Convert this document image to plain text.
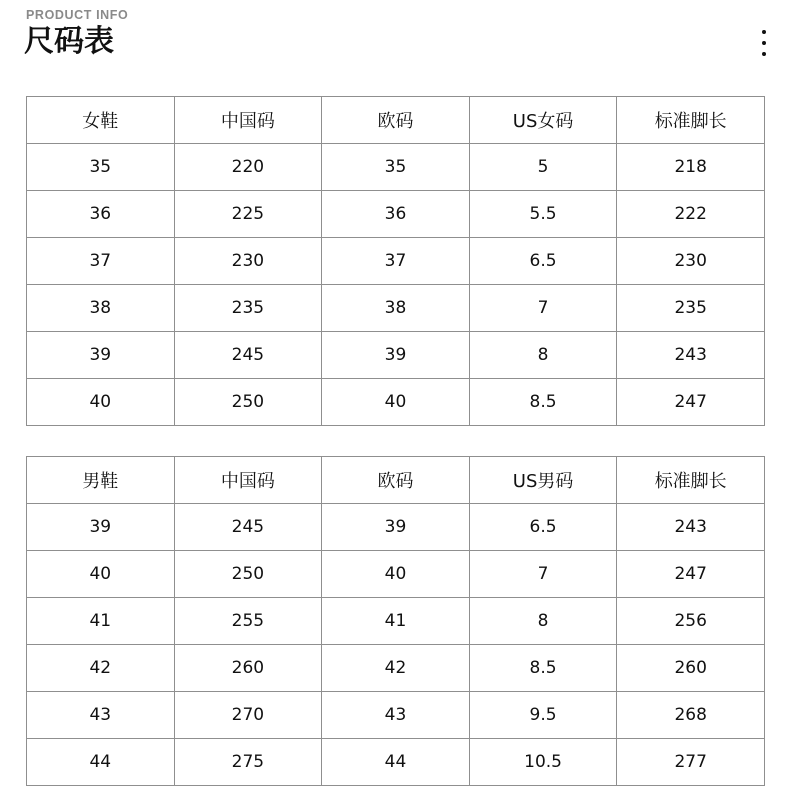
PRODUCT INFO
尺码表
女鞋	中国码	欧码	US女码	标准脚长
35	220	35	5	218
36	225	36	5.5	222
37	230	37	6.5	230
38	235	38	7	235
39	245	39	8	243
40	250	40	8.5	247
男鞋	中国码	欧码	US男码	标准脚长
39	245	39	6.5	243
40	250	40	7	247
41	255	41	8	256
42	260	42	8.5	260
43	270	43	9.5	268
44	275	44	10.5	277
